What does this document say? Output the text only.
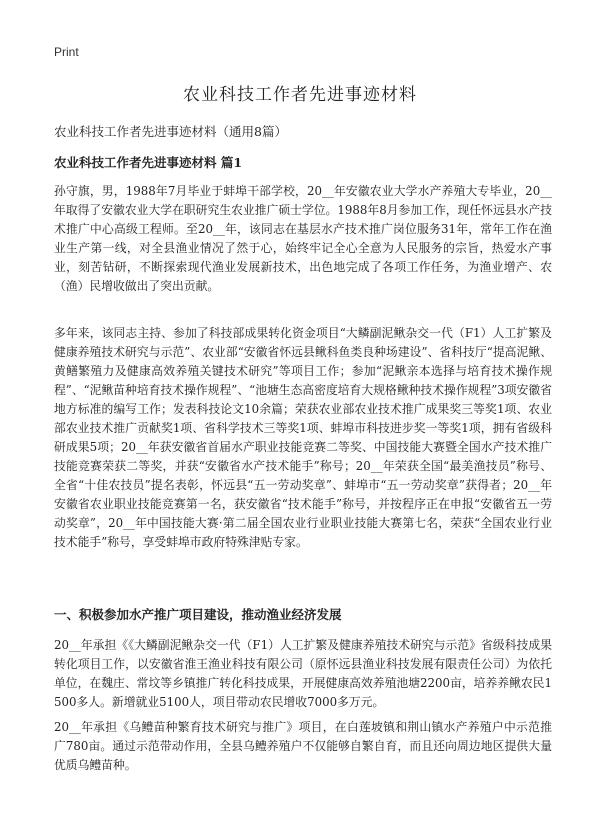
Print
农业科技工作者先进事迹材料
农业科技工作者先进事迹材料（通用8篇）
农业科技工作者先进事迹材料 篇1

孙守旗，男，1988年7月毕业于蚌埠干部学校，20__年安徽农业大学水产养殖大专毕业，20__年取得了安徽农业大学在职研究生农业推广硕士学位。1988年8月参加工作，现任怀远县水产技术推广中心高级工程师。至20__年，该同志在基层水产技术推广岗位服务31年，常年工作在渔业生产第一线，对全县渔业情况了然于心，始终牢记全心全意为人民服务的宗旨，热爱水产事业，刻苦钻研，不断探索现代渔业发展新技术，出色地完成了各项工作任务，为渔业增产、农（渔）民增收做出了突出贡献。

多年来，该同志主持、参加了科技部成果转化资金项目“大鳞副泥鳅杂交一代（F1）人工扩繁及健康养殖技术研究与示范”、农业部“安徽省怀远县鳅科鱼类良种场建设”、省科技厅“提高泥鳅、黄鳝繁殖力及健康高效养殖关键技术研究”等项目工作；参加“泥鳅亲本选择与培育技术操作规程”、“泥鳅苗种培育技术操作规程”、“池塘生态高密度培育大规格鳅种技术操作规程”3项安徽省地方标准的编写工作；发表科技论文10余篇；荣获农业部农业技术推广成果奖三等奖1项、农业部农业技术推广贡献奖1项、省科学技术三等奖1项、蚌埠市科技进步奖一等奖1项，拥有省级科研成果5项；20__年获安徽省首届水产职业技能竞赛二等奖、中国技能大赛暨全国水产技术推广技能竞赛荣获二等奖，并获“安徽省水产技术能手”称号；20__年荣获全国“最美渔技员”称号、全省“十佳农技员”提名表彰，怀远县“五一劳动奖章”、蚌埠市“五一劳动奖章”获得者；20__年安徽省农业职业技能竞赛第一名，获安徽省“技术能手”称号，并按程序正在申报“安徽省五一劳动奖章”，20__年中国技能大赛·第二届全国农业行业职业技能大赛第七名，荣获“全国农业行业技术能手”称号，享受蚌埠市政府特殊津贴专家。

一、积极参加水产推广项目建设，推动渔业经济发展

20__年承担《《大鳞副泥鳅杂交一代（F1）人工扩繁及健康养殖技术研究与示范》省级科技成果转化项目工作，以安徽省淮王渔业科技有限公司（原怀远县渔业科技发展有限责任公司）为依托单位，在魏庄、常坟等乡镇推广转化科技成果，开展健康高效养殖池塘2200亩，培养养鳅农民1500多人。新增就业5100人，项目带动农民增收7000多万元。

20__年承担《乌鳢苗种繁育技术研究与推广》项目，在白莲坡镇和荆山镇水产养殖户中示范推广780亩。通过示范带动作用，全县乌鳢养殖户不仅能够自繁自育，而且还向周边地区提供大量优质乌鳢苗种。
